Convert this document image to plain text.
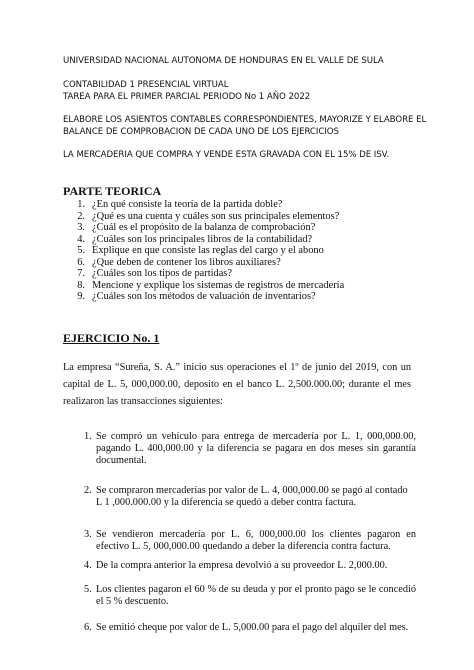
UNIVERSIDAD NACIONAL AUTONOMA DE HONDURAS EN EL VALLE DE SULA

CONTABILIDAD 1 PRESENCIAL VIRTUAL

TAREA PARA EL PRIMER PARCIAL PERIODO No 1 AÑO 2022

ELABORE LOS ASIENTOS CONTABLES CORRESPONDIENTES, MAYORIZE Y ELABORE EL

BALANCE DE COMPROBACION DE CADA UNO DE LOS EJERCICIOS

LA MERCADERIA QUE COMPRA Y VENDE ESTA GRAVADA CON EL 15% DE ISV.

PARTE TEORICA

1. ¿En qué consiste la teoría de la partida doble?
2. ¿Qué es una cuenta y cuáles son sus principales elementos?
3. ¿Cuál es el propósito de la balanza de comprobación?
4. ¿Cuáles son los principales libros de la contabilidad?
5. Explique en que consiste las reglas del cargo y el abono
6. ¿Que deben de contener los libros auxiliares?
7. ¿Cuáles son los tipos de partidas?
8. Mencione y explique los sistemas de registros de mercadería
9. ¿Cuáles son los métodos de valuación de inventarios?

EJERCICIO No. 1

La empresa “Sureña, S. A.” inicio sus operaciones el 1º de junio del 2019, con un capital de L. 5, 000,000.00, deposito en el banco L. 2,500.000.00; durante el mes realizaron las transacciones siguientes:

1. Se compró un vehículo para entrega de mercadería por L. 1, 000,000.00, pagando L. 400,000.00 y la diferencia se pagara en dos meses sin garantía documental.
2. Se compraron mercaderías por valor de L. 4, 000,000.00 se pagó al contado
L 1 ,000.000.00 y la diferencia se quedó a deber contra factura.
3. Se vendieron mercadería por L. 6, 000,000.00 los clientes pagaron en efectivo L. 5, 000,000.00 quedando a deber la diferencia contra factura.
4. De la compra anterior la empresa devolvió a su proveedor L. 2,000.00.
5. Los clientes pagaron el 60 % de su deuda y por el pronto pago se le concedió el 5 % descuento.
6. Se emitió cheque por valor de L. 5,000.00 para el pago del alquiler del mes.
